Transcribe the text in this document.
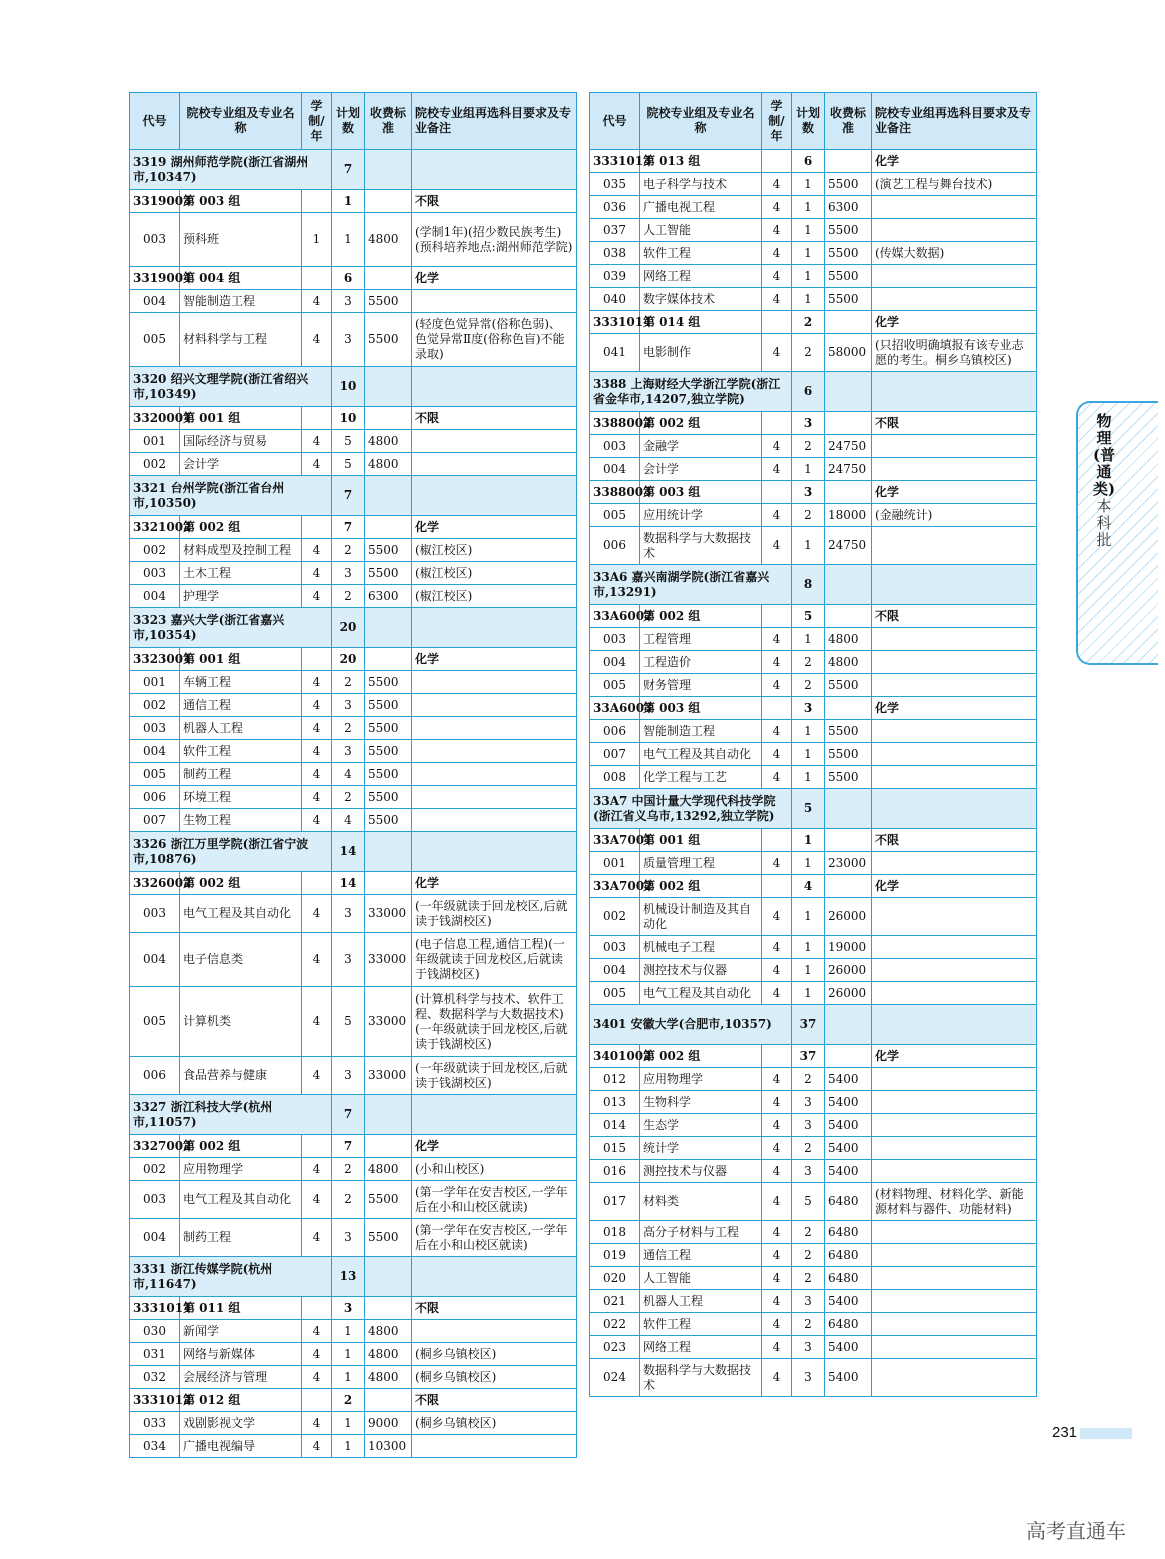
代号	院校专业组及专业名称	学制/年	计划数	收费标准	院校专业组再选科目要求及专业备注
3319 湖州师范学院(浙江省湖州市,10347)			7		
3319003	第 003 组		1		不限
003	预科班	1	1	4800	(学制1年)(招少数民族考生)(预科培养地点:湖州师范学院)
3319004	第 004 组		6		化学
004	智能制造工程	4	3	5500	
005	材料科学与工程	4	3	5500	(轻度色觉异常(俗称色弱)、色觉异常Ⅱ度(俗称色盲)不能录取)
3320 绍兴文理学院(浙江省绍兴市,10349)			10		
3320001	第 001 组		10		不限
001	国际经济与贸易	4	5	4800	
002	会计学	4	5	4800	
3321 台州学院(浙江省台州市,10350)			7		
3321002	第 002 组		7		化学
002	材料成型及控制工程	4	2	5500	(椒江校区)
003	土木工程	4	3	5500	(椒江校区)
004	护理学	4	2	6300	(椒江校区)
3323 嘉兴大学(浙江省嘉兴市,10354)			20		
3323001	第 001 组		20		化学
001	车辆工程	4	2	5500	
002	通信工程	4	3	5500	
003	机器人工程	4	2	5500	
004	软件工程	4	3	5500	
005	制药工程	4	4	5500	
006	环境工程	4	2	5500	
007	生物工程	4	4	5500	
3326 浙江万里学院(浙江省宁波市,10876)			14		
3326002	第 002 组		14		化学
003	电气工程及其自动化	4	3	33000	(一年级就读于回龙校区,后就读于钱湖校区)
004	电子信息类	4	3	33000	(电子信息工程,通信工程)(一年级就读于回龙校区,后就读于钱湖校区)
005	计算机类	4	5	33000	(计算机科学与技术、软件工程、数据科学与大数据技术)(一年级就读于回龙校区,后就读于钱湖校区)
006	食品营养与健康	4	3	33000	(一年级就读于回龙校区,后就读于钱湖校区)
3327 浙江科技大学(杭州市,11057)			7		
3327002	第 002 组		7		化学
002	应用物理学	4	2	4800	(小和山校区)
003	电气工程及其自动化	4	2	5500	(第一学年在安吉校区,一学年后在小和山校区就读)
004	制药工程	4	3	5500	(第一学年在安吉校区,一学年后在小和山校区就读)
3331 浙江传媒学院(杭州市,11647)			13		
3331011	第 011 组		3		不限
030	新闻学	4	1	4800	
031	网络与新媒体	4	1	4800	(桐乡乌镇校区)
032	会展经济与管理	4	1	4800	(桐乡乌镇校区)
3331012	第 012 组		2		不限
033	戏剧影视文学	4	1	9000	(桐乡乌镇校区)
034	广播电视编导	4	1	10300	
代号	院校专业组及专业名称	学制/年	计划数	收费标准	院校专业组再选科目要求及专业备注
3331013	第 013 组		6		化学
035	电子科学与技术	4	1	5500	(演艺工程与舞台技术)
036	广播电视工程	4	1	6300	
037	人工智能	4	1	5500	
038	软件工程	4	1	5500	(传媒大数据)
039	网络工程	4	1	5500	
040	数字媒体技术	4	1	5500	
3331014	第 014 组		2		化学
041	电影制作	4	2	58000	(只招收明确填报有该专业志愿的考生。桐乡乌镇校区)
3388 上海财经大学浙江学院(浙江省金华市,14207,独立学院)			6		
3388002	第 002 组		3		不限
003	金融学	4	2	24750	
004	会计学	4	1	24750	
3388003	第 003 组		3		化学
005	应用统计学	4	2	18000	(金融统计)
006	数据科学与大数据技术	4	1	24750	
33A6 嘉兴南湖学院(浙江省嘉兴市,13291)			8		
33A6002	第 002 组		5		不限
003	工程管理	4	1	4800	
004	工程造价	4	2	4800	
005	财务管理	4	2	5500	
33A6003	第 003 组		3		化学
006	智能制造工程	4	1	5500	
007	电气工程及其自动化	4	1	5500	
008	化学工程与工艺	4	1	5500	
33A7 中国计量大学现代科技学院(浙江省义乌市,13292,独立学院)			5		
33A7001	第 001 组		1		不限
001	质量管理工程	4	1	23000	
33A7002	第 002 组		4		化学
002	机械设计制造及其自动化	4	1	26000	
003	机械电子工程	4	1	19000	
004	测控技术与仪器	4	1	26000	
005	电气工程及其自动化	4	1	26000	
3401 安徽大学(合肥市,10357)			37		
3401002	第 002 组		37		化学
012	应用物理学	4	2	5400	
013	生物科学	4	3	5400	
014	生态学	4	3	5400	
015	统计学	4	2	5400	
016	测控技术与仪器	4	3	5400	
017	材料类	4	5	6480	(材料物理、材料化学、新能源材料与器件、功能材料)
018	高分子材料与工程	4	2	6480	
019	通信工程	4	2	6480	
020	人工智能	4	2	6480	
021	机器人工程	4	3	5400	
022	软件工程	4	2	6480	
023	网络工程	4	3	5400	
024	数据科学与大数据技术	4	3	5400	
物理(普通类)
本科批
231
高考直通车
